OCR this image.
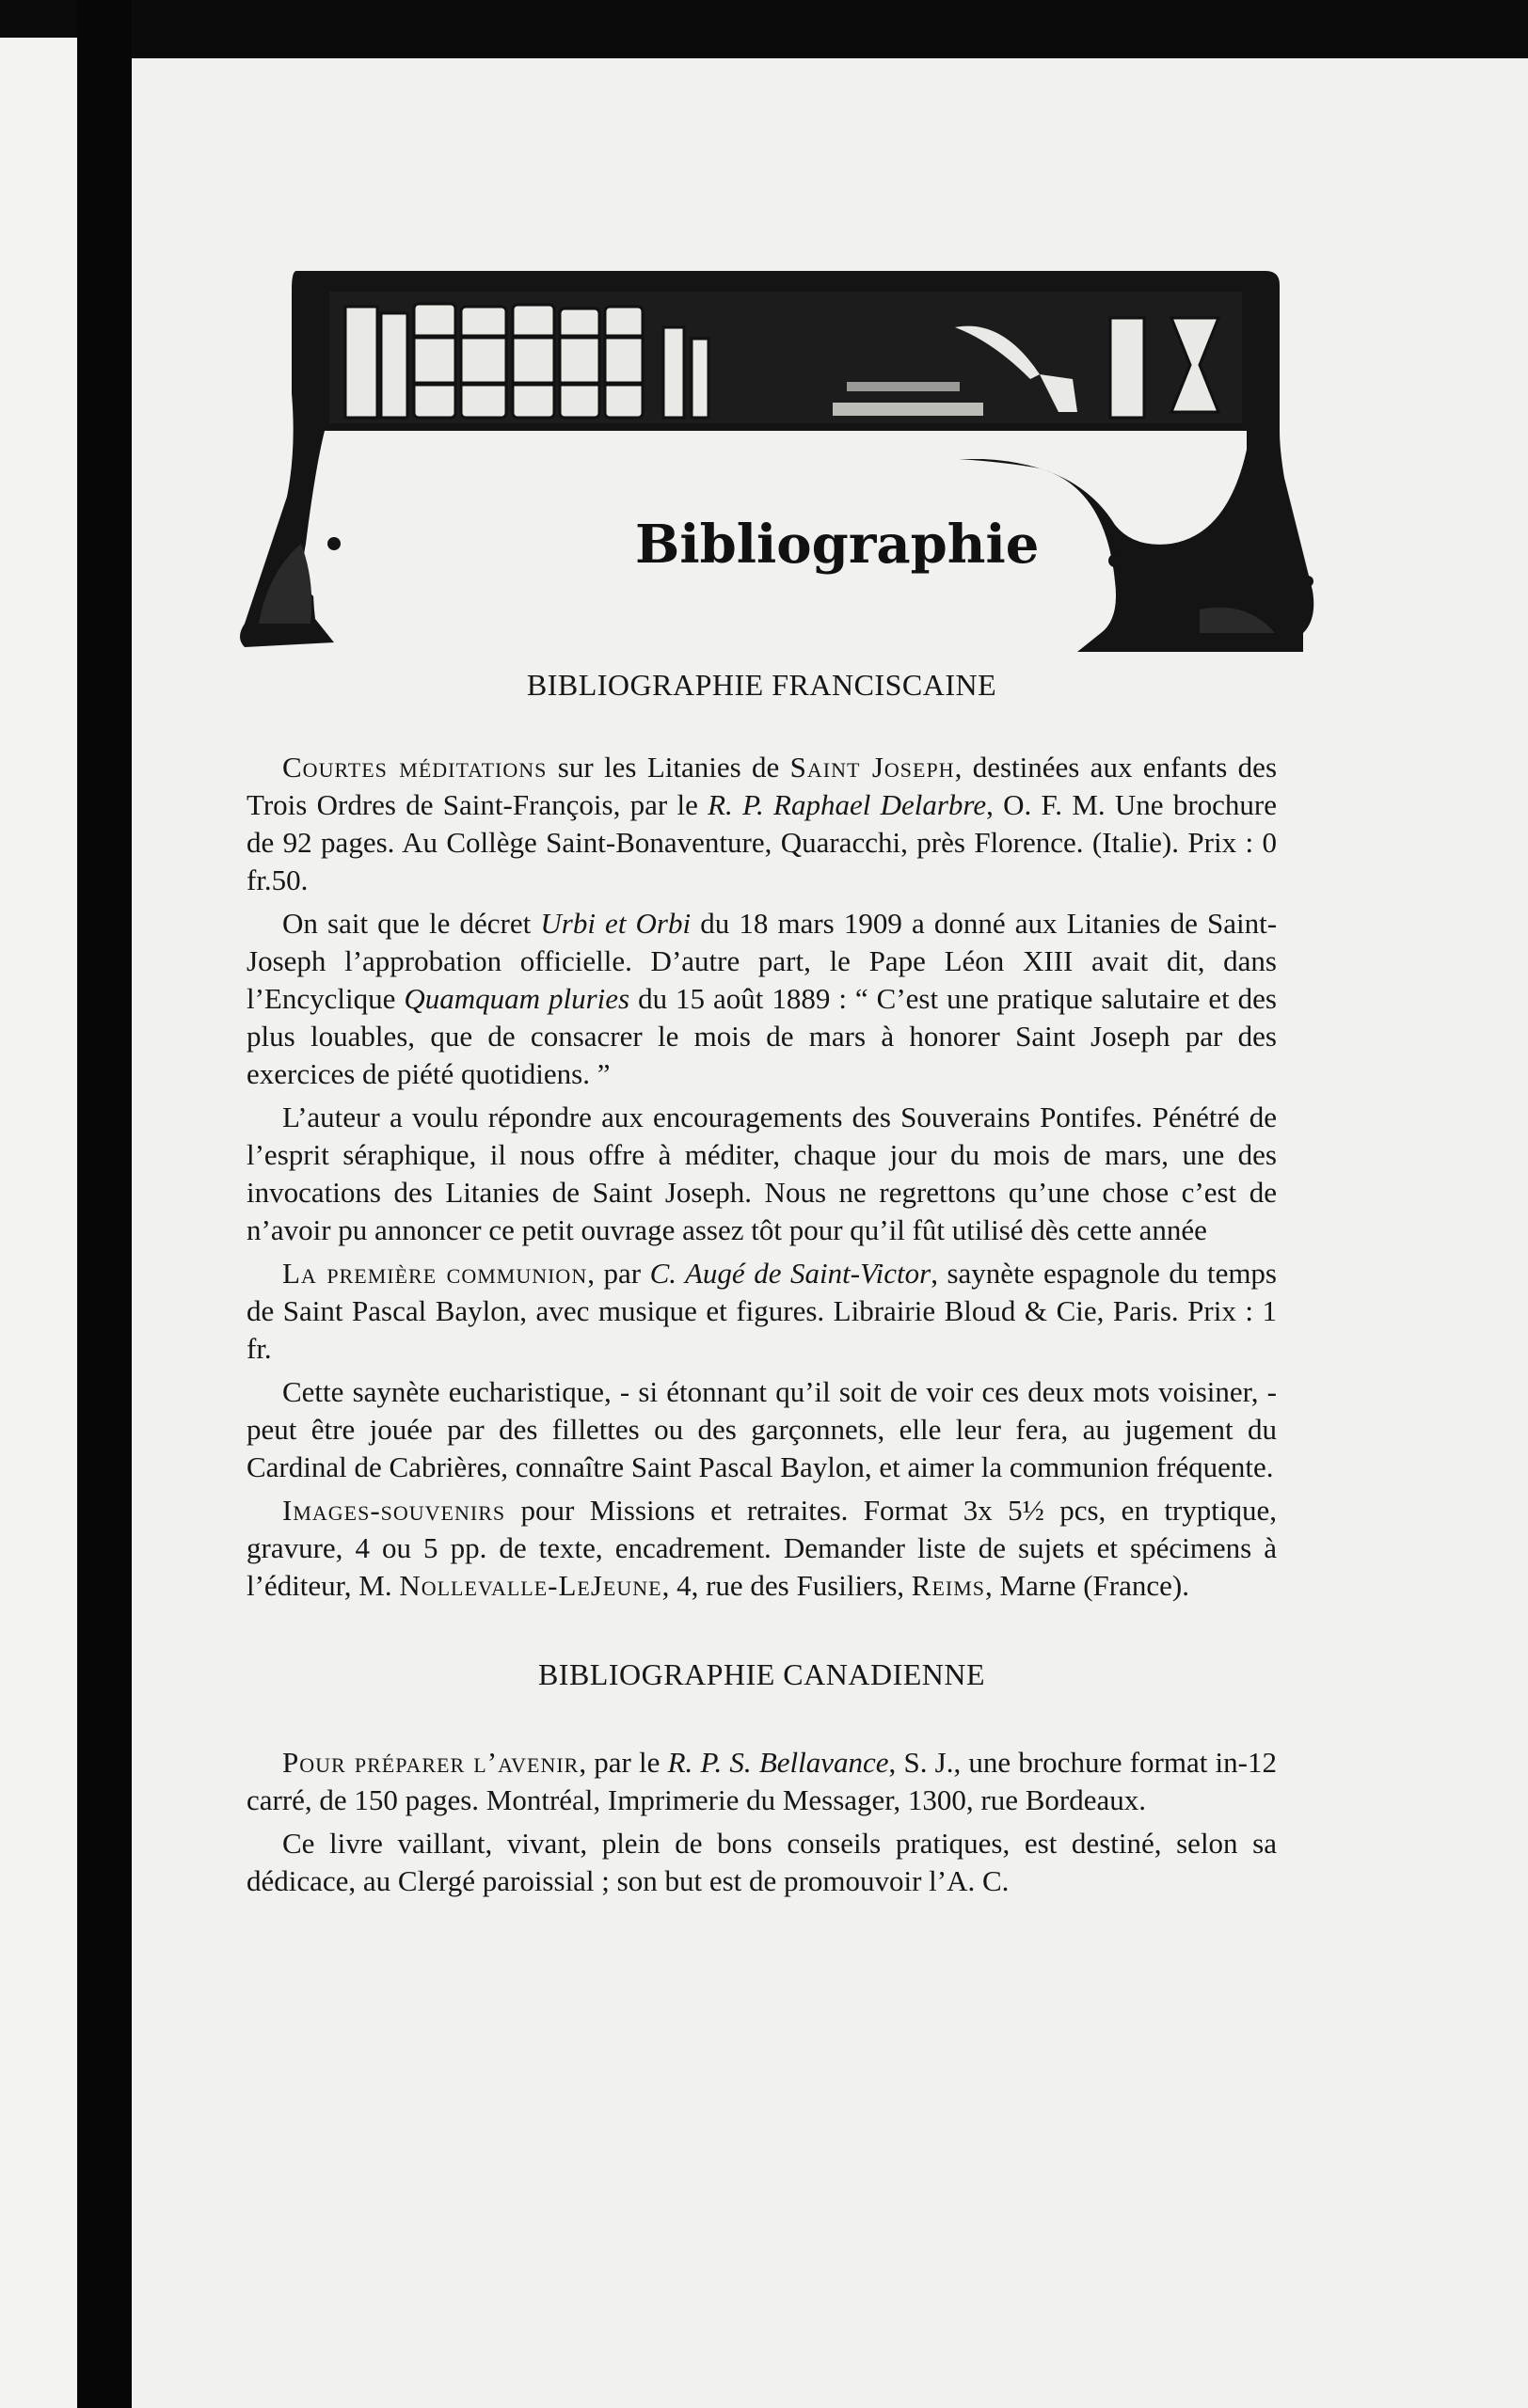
Bibliographie
BIBLIOGRAPHIE FRANCISCAINE

Courtes méditations sur les Litanies de Saint Joseph, destinées aux enfants des Trois Ordres de Saint-François, par le R. P. Raphael Delarbre, O. F. M. Une brochure de 92 pages. Au Collège Saint-Bonaventure, Quaracchi, près Florence. (Italie). Prix : 0 fr.50.

On sait que le décret Urbi et Orbi du 18 mars 1909 a donné aux Litanies de Saint-Joseph l’approbation officielle. D’autre part, le Pape Léon XIII avait dit, dans l’Encyclique Quamquam pluries du 15 août 1889 : “ C’est une pratique salutaire et des plus louables, que de consacrer le mois de mars à honorer Saint Joseph par des exercices de piété quotidiens. ”

L’auteur a voulu répondre aux encouragements des Souverains Pontifes. Pénétré de l’esprit séraphique, il nous offre à méditer, chaque jour du mois de mars, une des invocations des Litanies de Saint Joseph. Nous ne regrettons qu’une chose c’est de n’avoir pu annoncer ce petit ouvrage assez tôt pour qu’il fût utilisé dès cette année

La première communion, par C. Augé de Saint-Victor, saynète espagnole du temps de Saint Pascal Baylon, avec musique et figures. Librairie Bloud & Cie, Paris. Prix : 1 fr.

Cette saynète eucharistique, - si étonnant qu’il soit de voir ces deux mots voisiner, - peut être jouée par des fillettes ou des garçonnets, elle leur fera, au jugement du Cardinal de Cabrières, connaître Saint Pascal Baylon, et aimer la communion fréquente.

Images-souvenirs pour Missions et retraites. Format 3x 5½ pcs, en tryptique, gravure, 4 ou 5 pp. de texte, encadrement. Demander liste de sujets et spécimens à l’éditeur, M. Nollevalle-LeJeune, 4, rue des Fusiliers, Reims, Marne (France).

BIBLIOGRAPHIE CANADIENNE

Pour préparer l’avenir, par le R. P. S. Bellavance, S. J., une brochure format in-12 carré, de 150 pages. Montréal, Imprimerie du Messager, 1300, rue Bordeaux.

Ce livre vaillant, vivant, plein de bons conseils pratiques, est destiné, selon sa dédicace, au Clergé paroissial ; son but est de promouvoir l’A. C.
